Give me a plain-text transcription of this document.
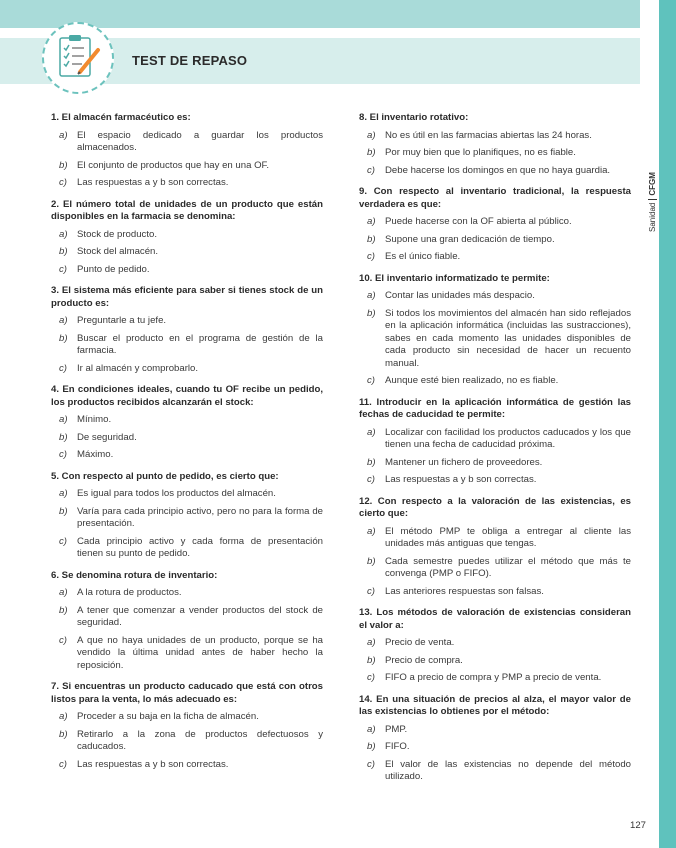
Sanidad
CFGM
TEST DE REPASO
1. El almacén farmacéutico es:
a) El espacio dedicado a guardar los productos almacenados.
b) El conjunto de productos que hay en una OF.
c)	Las respuestas a y b son correctas.
2. El número total de unidades de un producto que están disponibles en la farmacia se denomina:
a) Stock de producto.
b) Stock del almacén.
c)	Punto de pedido.
3. El sistema más eficiente para saber si tienes stock de un producto es:
a) Preguntarle a tu jefe.
b) Buscar el producto en el programa de gestión de la farmacia.
c)	Ir al almacén y comprobarlo.
4. En condiciones ideales, cuando tu OF recibe un pedido, los productos recibidos alcanzarán el stock:
a) Mínimo.
b) De seguridad.
c)	Máximo.
5. Con respecto al punto de pedido, es cierto que:
a) Es igual para todos los productos del almacén.
b) Varía para cada principio activo, pero no para la forma de presentación.
c)	Cada principio activo y cada forma de presentación tienen su punto de pedido.
6. Se denomina rotura de inventario:
a) A la rotura de productos.
b) A tener que comenzar a vender productos del stock de seguridad.
c)	A que no haya unidades de un producto, porque se ha vendido la última unidad antes de haber hecho la reposición.
7. Si encuentras un producto caducado que está con otros listos para la venta, lo más adecuado es:
a) Proceder a su baja en la ficha de almacén.
b) Retirarlo a la zona de productos defectuosos y caducados.
c)	Las respuestas a y b son correctas.
8. El inventario rotativo:
a) No es útil en las farmacias abiertas las 24 horas.
b) Por muy bien que lo planifiques, no es fiable.
c)	Debe hacerse los domingos en que no haya guardia.
9. Con respecto al inventario tradicional, la respuesta verdadera es que:
a) Puede hacerse con la OF abierta al público.
b) Supone una gran dedicación de tiempo.
c)	Es el único fiable.
10. El inventario informatizado te permite:
a) Contar las unidades más despacio.
b) Si todos los movimientos del almacén han sido reflejados en la aplicación informática (incluidas las sustracciones), sabes en cada momento las unidades disponibles de cada producto sin necesidad de hacer un recuento manual.
c)	Aunque esté bien realizado, no es fiable.
11. Introducir en la aplicación informática de gestión las fechas de caducidad te permite:
a) Localizar con facilidad los productos caducados y los que tienen una fecha de caducidad próxima.
b) Mantener un fichero de proveedores.
c)	Las respuestas a y b son correctas.
12. Con respecto a la valoración de las existencias, es cierto que:
a) El método PMP te obliga a entregar al cliente las unidades más antiguas que tengas.
b) Cada semestre puedes utilizar el método que más te convenga (PMP o FIFO).
c)	Las anteriores respuestas son falsas.
13. Los métodos de valoración de existencias consideran el valor a:
a) Precio de venta.
b) Precio de compra.
c)	FIFO a precio de compra y PMP a precio de venta.
14. En una situación de precios al alza, el mayor valor de las existencias lo obtienes por el método:
a) PMP.
b) FIFO.
c)	El valor de las existencias no depende del método utilizado.
127
